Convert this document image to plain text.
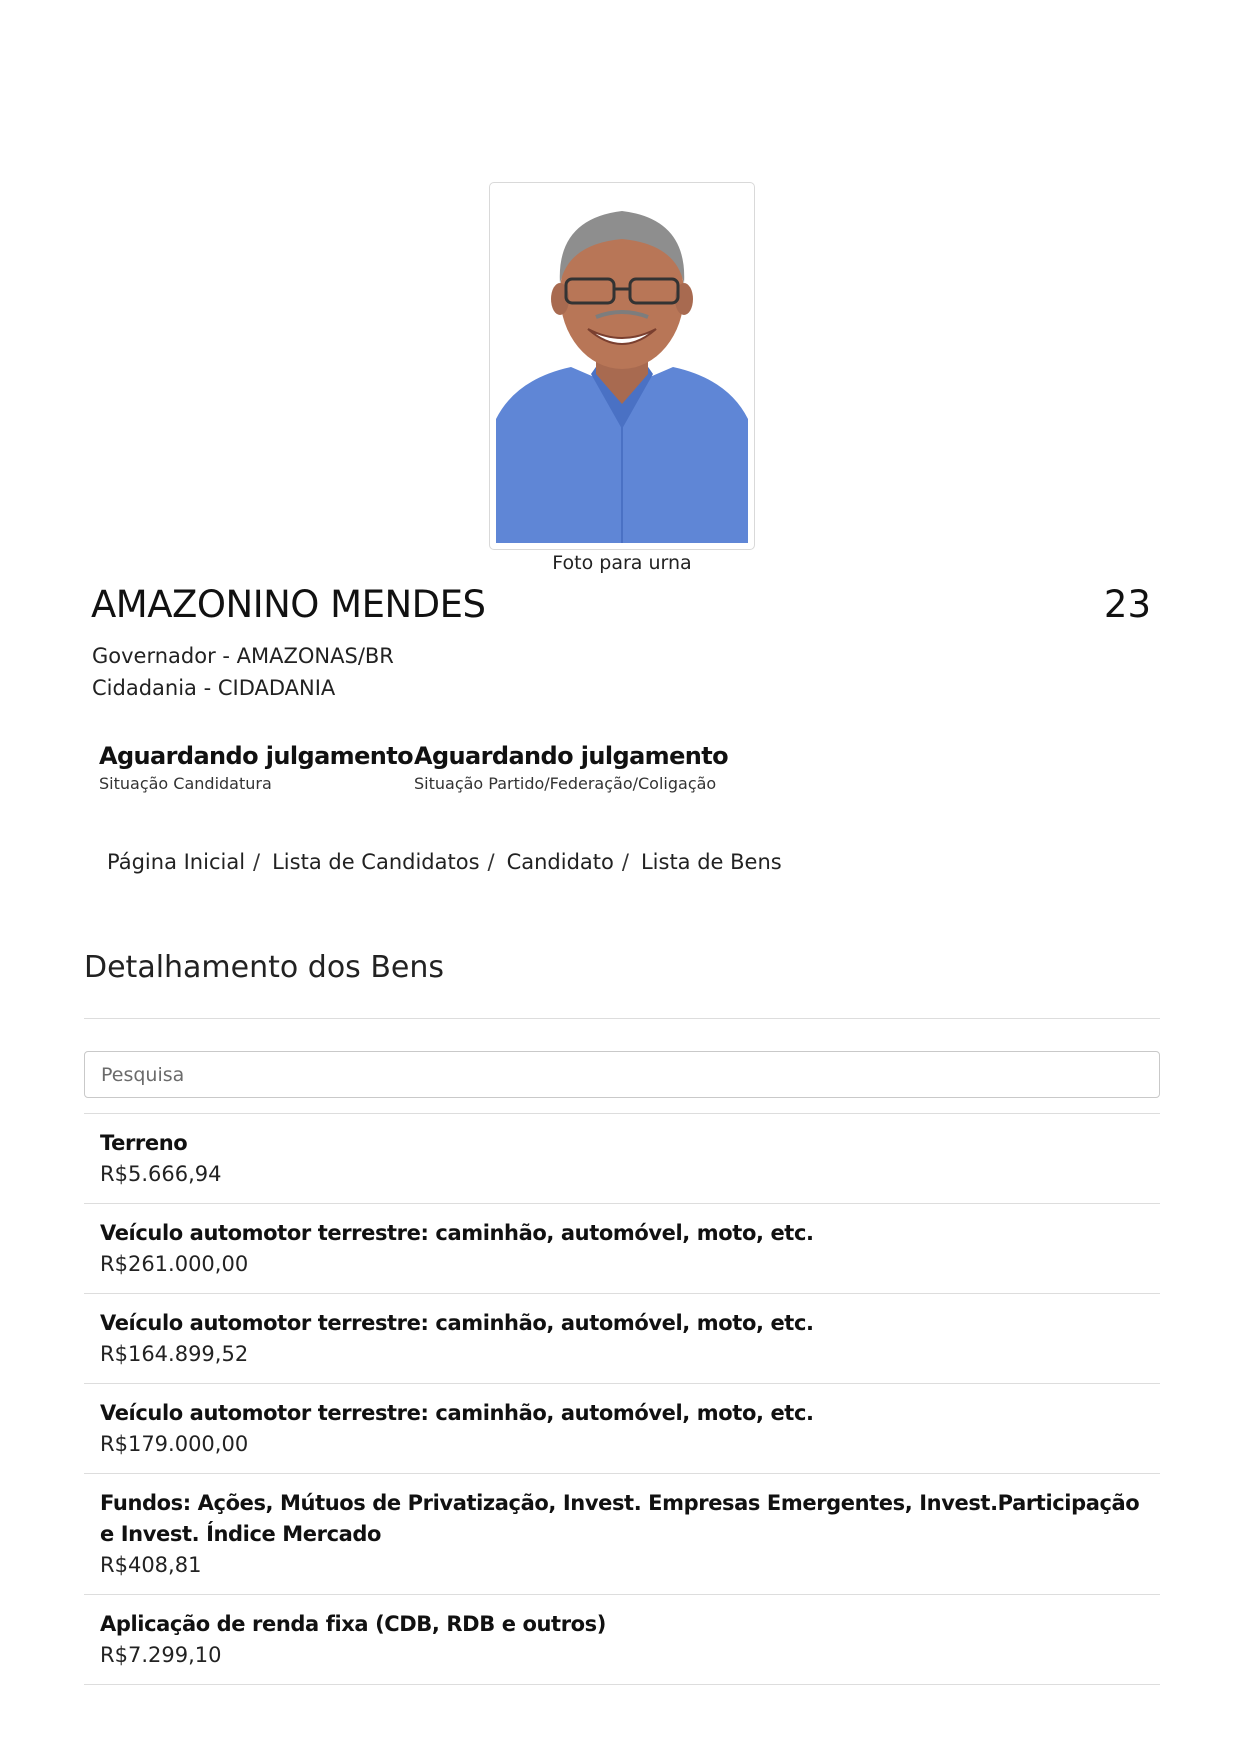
Foto para urna
AMAZONINO MENDES	23
Governador - AMAZONAS/BR
Cidadania - CIDADANIA
Aguardando julgamento
Situação Candidatura
Aguardando julgamento
Situação Partido/Federação/Coligação
Página Inicial / Lista de Candidatos / Candidato / Lista de Bens
Detalhamento dos Bens
Pesquisa
Terreno
R$5.666,94
Veículo automotor terrestre: caminhão, automóvel, moto, etc.
R$261.000,00
Veículo automotor terrestre: caminhão, automóvel, moto, etc.
R$164.899,52
Veículo automotor terrestre: caminhão, automóvel, moto, etc.
R$179.000,00
Fundos: Ações, Mútuos de Privatização, Invest. Empresas Emergentes, Invest.Participação e Invest. Índice Mercado
R$408,81
Aplicação de renda fixa (CDB, RDB e outros)
R$7.299,10
